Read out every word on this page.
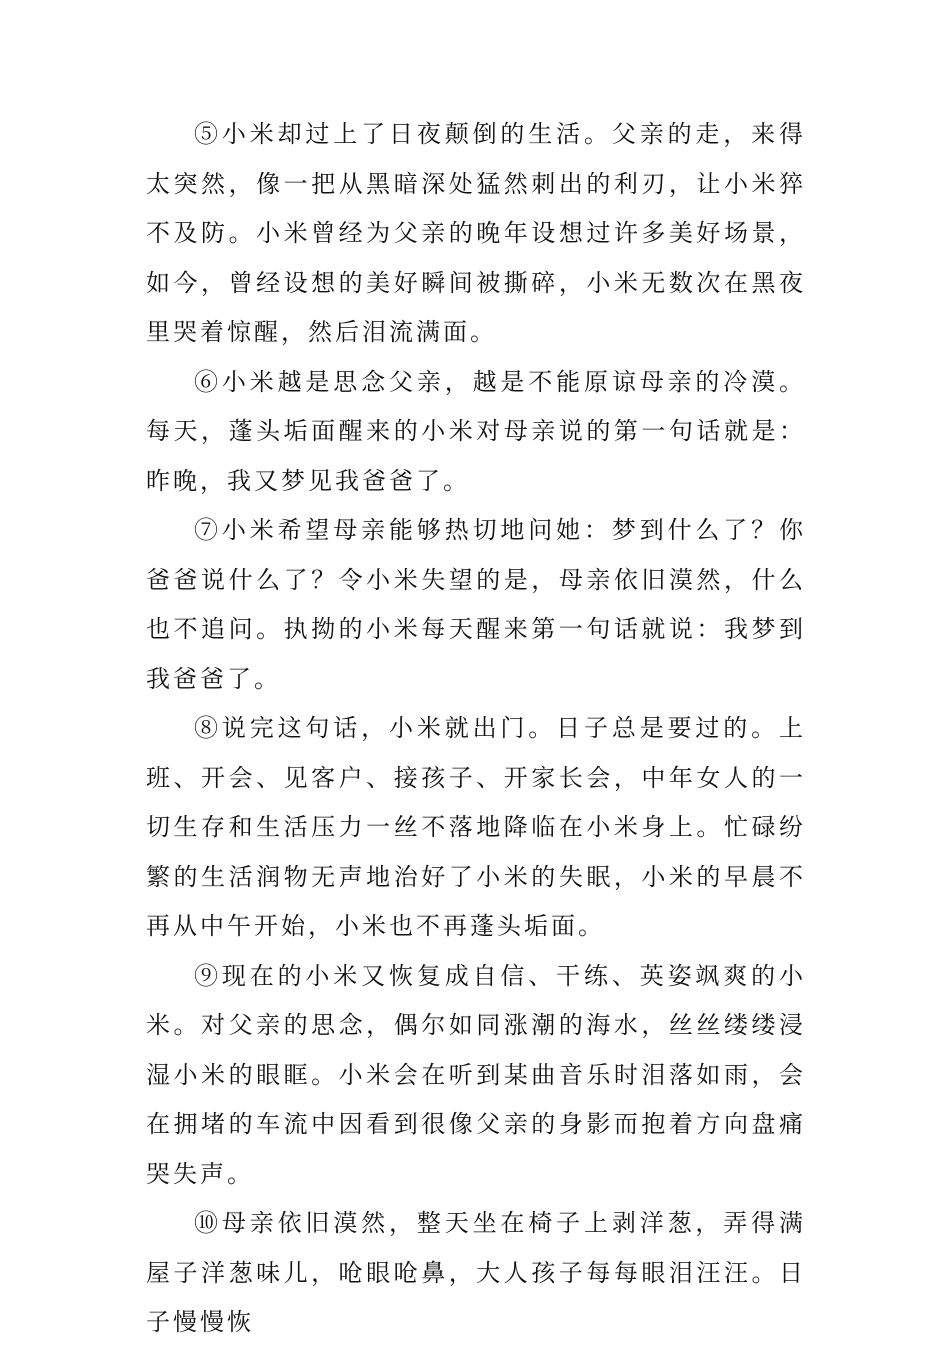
⑤小米却过上了日夜颠倒的生活。父亲的走，来得太突然，像一把从黑暗深处猛然刺出的利刃，让小米猝不及防。小米曾经为父亲的晚年设想过许多美好场景，如今，曾经设想的美好瞬间被撕碎，小米无数次在黑夜里哭着惊醒，然后泪流满面。

⑥小米越是思念父亲，越是不能原谅母亲的冷漠。每天，蓬头垢面醒来的小米对母亲说的第一句话就是：昨晚，我又梦见我爸爸了。

⑦小米希望母亲能够热切地问她：梦到什么了？你爸爸说什么了？令小米失望的是，母亲依旧漠然，什么也不追问。执拗的小米每天醒来第一句话就说：我梦到我爸爸了。

⑧说完这句话，小米就出门。日子总是要过的。上班、开会、见客户、接孩子、开家长会，中年女人的一切生存和生活压力一丝不落地降临在小米身上。忙碌纷繁的生活润物无声地治好了小米的失眠，小米的早晨不再从中午开始，小米也不再蓬头垢面。

⑨现在的小米又恢复成自信、干练、英姿飒爽的小米。对父亲的思念，偶尔如同涨潮的海水，丝丝缕缕浸湿小米的眼眶。小米会在听到某曲音乐时泪落如雨，会在拥堵的车流中因看到很像父亲的身影而抱着方向盘痛哭失声。

⑩母亲依旧漠然，整天坐在椅子上剥洋葱，弄得满屋子洋葱味儿，呛眼呛鼻，大人孩子每每眼泪汪汪。日子慢慢恢
